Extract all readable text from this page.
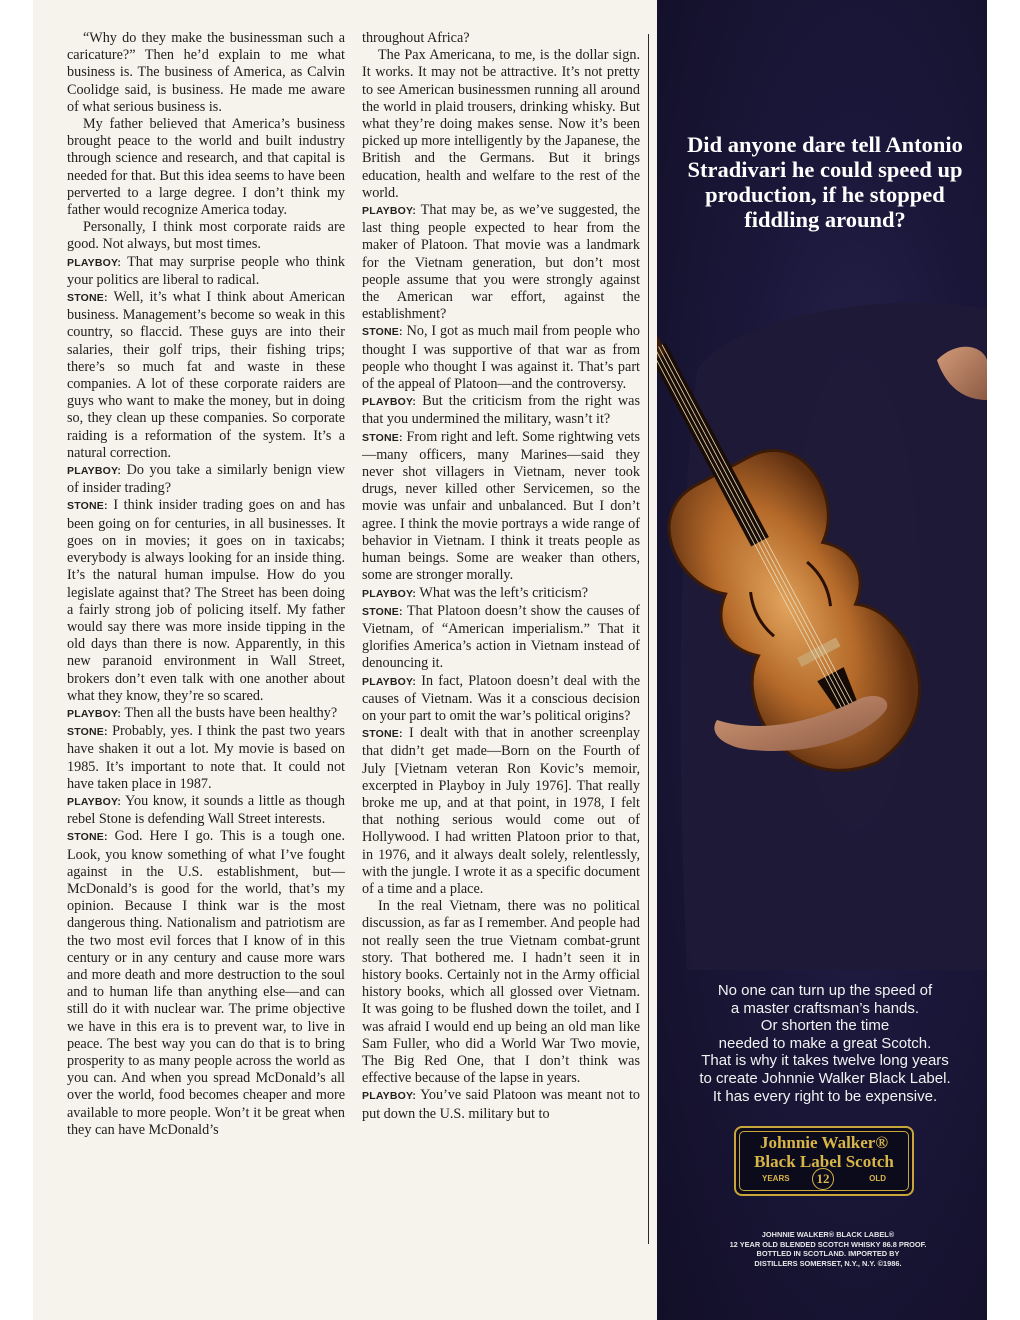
“Why do they make the businessman such a caricature?” Then he’d explain to me what business is. The business of America, as Calvin Coolidge said, is business. He made me aware of what serious business is.

My father believed that America’s business brought peace to the world and built industry through science and research, and that capital is needed for that. But this idea seems to have been perverted to a large degree. I don’t think my father would recognize America today.

Personally, I think most corporate raids are good. Not always, but most times.

PLAYBOY: That may surprise people who think your politics are liberal to radical.

STONE: Well, it’s what I think about American business. Management’s become so weak in this country, so flaccid. These guys are into their salaries, their golf trips, their fishing trips; there’s so much fat and waste in these companies. A lot of these corporate raiders are guys who want to make the money, but in doing so, they clean up these companies. So corporate raiding is a reformation of the system. It’s a natural correction.

PLAYBOY: Do you take a similarly benign view of insider trading?

STONE: I think insider trading goes on and has been going on for centuries, in all businesses. It goes on in movies; it goes on in taxicabs; everybody is always looking for an inside thing. It’s the natural human impulse. How do you legislate against that? The Street has been doing a fairly strong job of policing itself. My father would say there was more inside tipping in the old days than there is now. Apparently, in this new paranoid environment in Wall Street, brokers don’t even talk with one another about what they know, they’re so scared.

PLAYBOY: Then all the busts have been healthy?

STONE: Probably, yes. I think the past two years have shaken it out a lot. My movie is based on 1985. It’s important to note that. It could not have taken place in 1987.

PLAYBOY: You know, it sounds a little as though rebel Stone is defending Wall Street interests.

STONE: God. Here I go. This is a tough one. Look, you know something of what I’ve fought against in the U.S. establishment, but—McDonald’s is good for the world, that’s my opinion. Because I think war is the most dangerous thing. Nationalism and patriotism are the two most evil forces that I know of in this century or in any century and cause more wars and more death and more destruction to the soul and to human life than anything else—and can still do it with nuclear war. The prime objective we have in this era is to prevent war, to live in peace. The best way you can do that is to bring prosperity to as many people across the world as you can. And when you spread McDonald’s all over the world, food becomes cheaper and more available to more people. Won’t it be great when they can have McDonald’s

throughout Africa?

The Pax Americana, to me, is the dollar sign. It works. It may not be attractive. It’s not pretty to see American businessmen running all around the world in plaid trousers, drinking whisky. But what they’re doing makes sense. Now it’s been picked up more intelligently by the Japanese, the British and the Germans. But it brings education, health and welfare to the rest of the world.

PLAYBOY: That may be, as we’ve suggested, the last thing people expected to hear from the maker of Platoon. That movie was a landmark for the Vietnam generation, but don’t most people assume that you were strongly against the American war effort, against the establishment?

STONE: No, I got as much mail from people who thought I was supportive of that war as from people who thought I was against it. That’s part of the appeal of Platoon—and the controversy.

PLAYBOY: But the criticism from the right was that you undermined the military, wasn’t it?

STONE: From right and left. Some rightwing vets—many officers, many Marines—said they never shot villagers in Vietnam, never took drugs, never killed other Servicemen, so the movie was unfair and unbalanced. But I don’t agree. I think the movie portrays a wide range of behavior in Vietnam. I think it treats people as human beings. Some are weaker than others, some are stronger morally.

PLAYBOY: What was the left’s criticism?

STONE: That Platoon doesn’t show the causes of Vietnam, of “American imperialism.” That it glorifies America’s action in Vietnam instead of denouncing it.

PLAYBOY: In fact, Platoon doesn’t deal with the causes of Vietnam. Was it a conscious decision on your part to omit the war’s political origins?

STONE: I dealt with that in another screenplay that didn’t get made—Born on the Fourth of July [Vietnam veteran Ron Kovic’s memoir, excerpted in Playboy in July 1976]. That really broke me up, and at that point, in 1978, I felt that nothing serious would come out of Hollywood. I had written Platoon prior to that, in 1976, and it always dealt solely, relentlessly, with the jungle. I wrote it as a specific document of a time and a place.

In the real Vietnam, there was no political discussion, as far as I remember. And people had not really seen the true Vietnam combat-grunt story. That bothered me. I hadn’t seen it in history books. Certainly not in the Army official history books, which all glossed over Vietnam. It was going to be flushed down the toilet, and I was afraid I would end up being an old man like Sam Fuller, who did a World War Two movie, The Big Red One, that I don’t think was effective because of the lapse in years.

PLAYBOY: You’ve said Platoon was meant not to put down the U.S. military but to

Did anyone dare tell Antonio Stradivari he could speed up production, if he stopped fiddling around?
No one can turn up the speed of
a master craftsman’s hands.
Or shorten the time
needed to make a great Scotch.
That is why it takes twelve long years
to create Johnnie Walker Black Label.
It has every right to be expensive.
Johnnie Walker®
Black Label Scotch
YEARS	12	OLD
JOHNNIE WALKER® BLACK LABEL®
12 YEAR OLD BLENDED SCOTCH WHISKY 86.8 PROOF.
BOTTLED IN SCOTLAND. IMPORTED BY
DISTILLERS SOMERSET, N.Y., N.Y. ©1986.
